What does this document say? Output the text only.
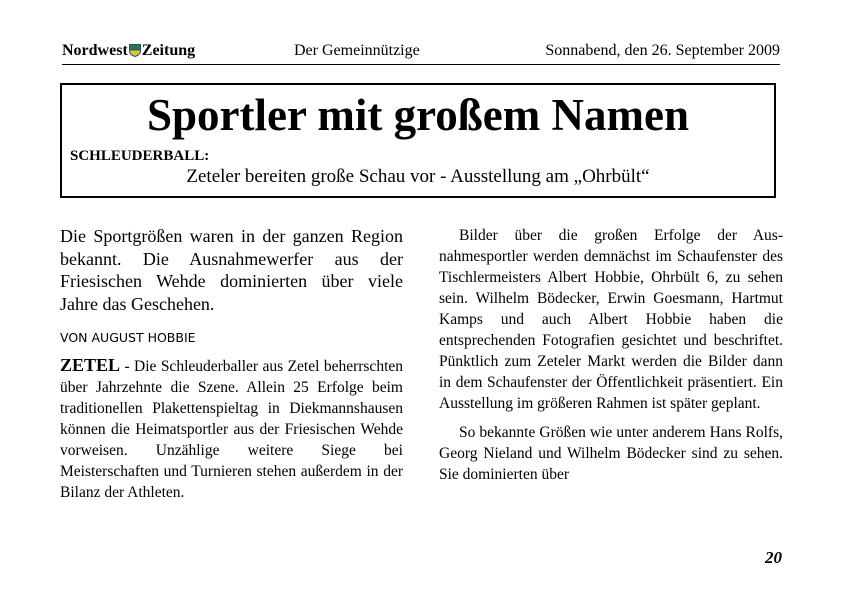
Nordwest Zeitung	Der Gemeinnützige	Sonnabend, den 26. September 2009
Sportler mit großem Namen
SCHLEUDERBALL:
Zeteler bereiten große Schau vor - Ausstellung am „Ohrbült“

Die Sportgrößen waren in der ganzen Region bekannt. Die Ausnahmewerfer aus der Friesischen Wehde dominierten über viele Jahre das Geschehen.

VON AUGUST HOBBIE

ZETEL - Die Schleuderballer aus Zetel beherrschten über Jahrzehnte die Szene. Allein 25 Erfolge beim traditionellen Plakettenspieltag in Diekmannshausen können die Heimatsportler aus der Friesischen Wehde vorweisen. Unzählige weitere Siege bei Meisterschaften und Turnieren stehen außerdem in der Bilanz der Athleten.

Bilder über die großen Erfolge der Ausnahmesportler werden demnächst im Schaufenster des Tischlermeisters Albert Hobbie, Ohrbült 6, zu sehen sein. Wilhelm Bödecker, Erwin Goesmann, Hartmut Kamps und auch Albert Hobbie haben die entsprechenden Fotografien gesichtet und beschriftet. Pünktlich zum Zeteler Markt werden die Bilder dann in dem Schaufenster der Öffentlichkeit präsentiert. Ein Ausstellung im größeren Rahmen ist später geplant.

So bekannte Größen wie unter anderem Hans Rolfs, Georg Nieland und Wilhelm Bödecker sind zu sehen. Sie dominierten über

20
